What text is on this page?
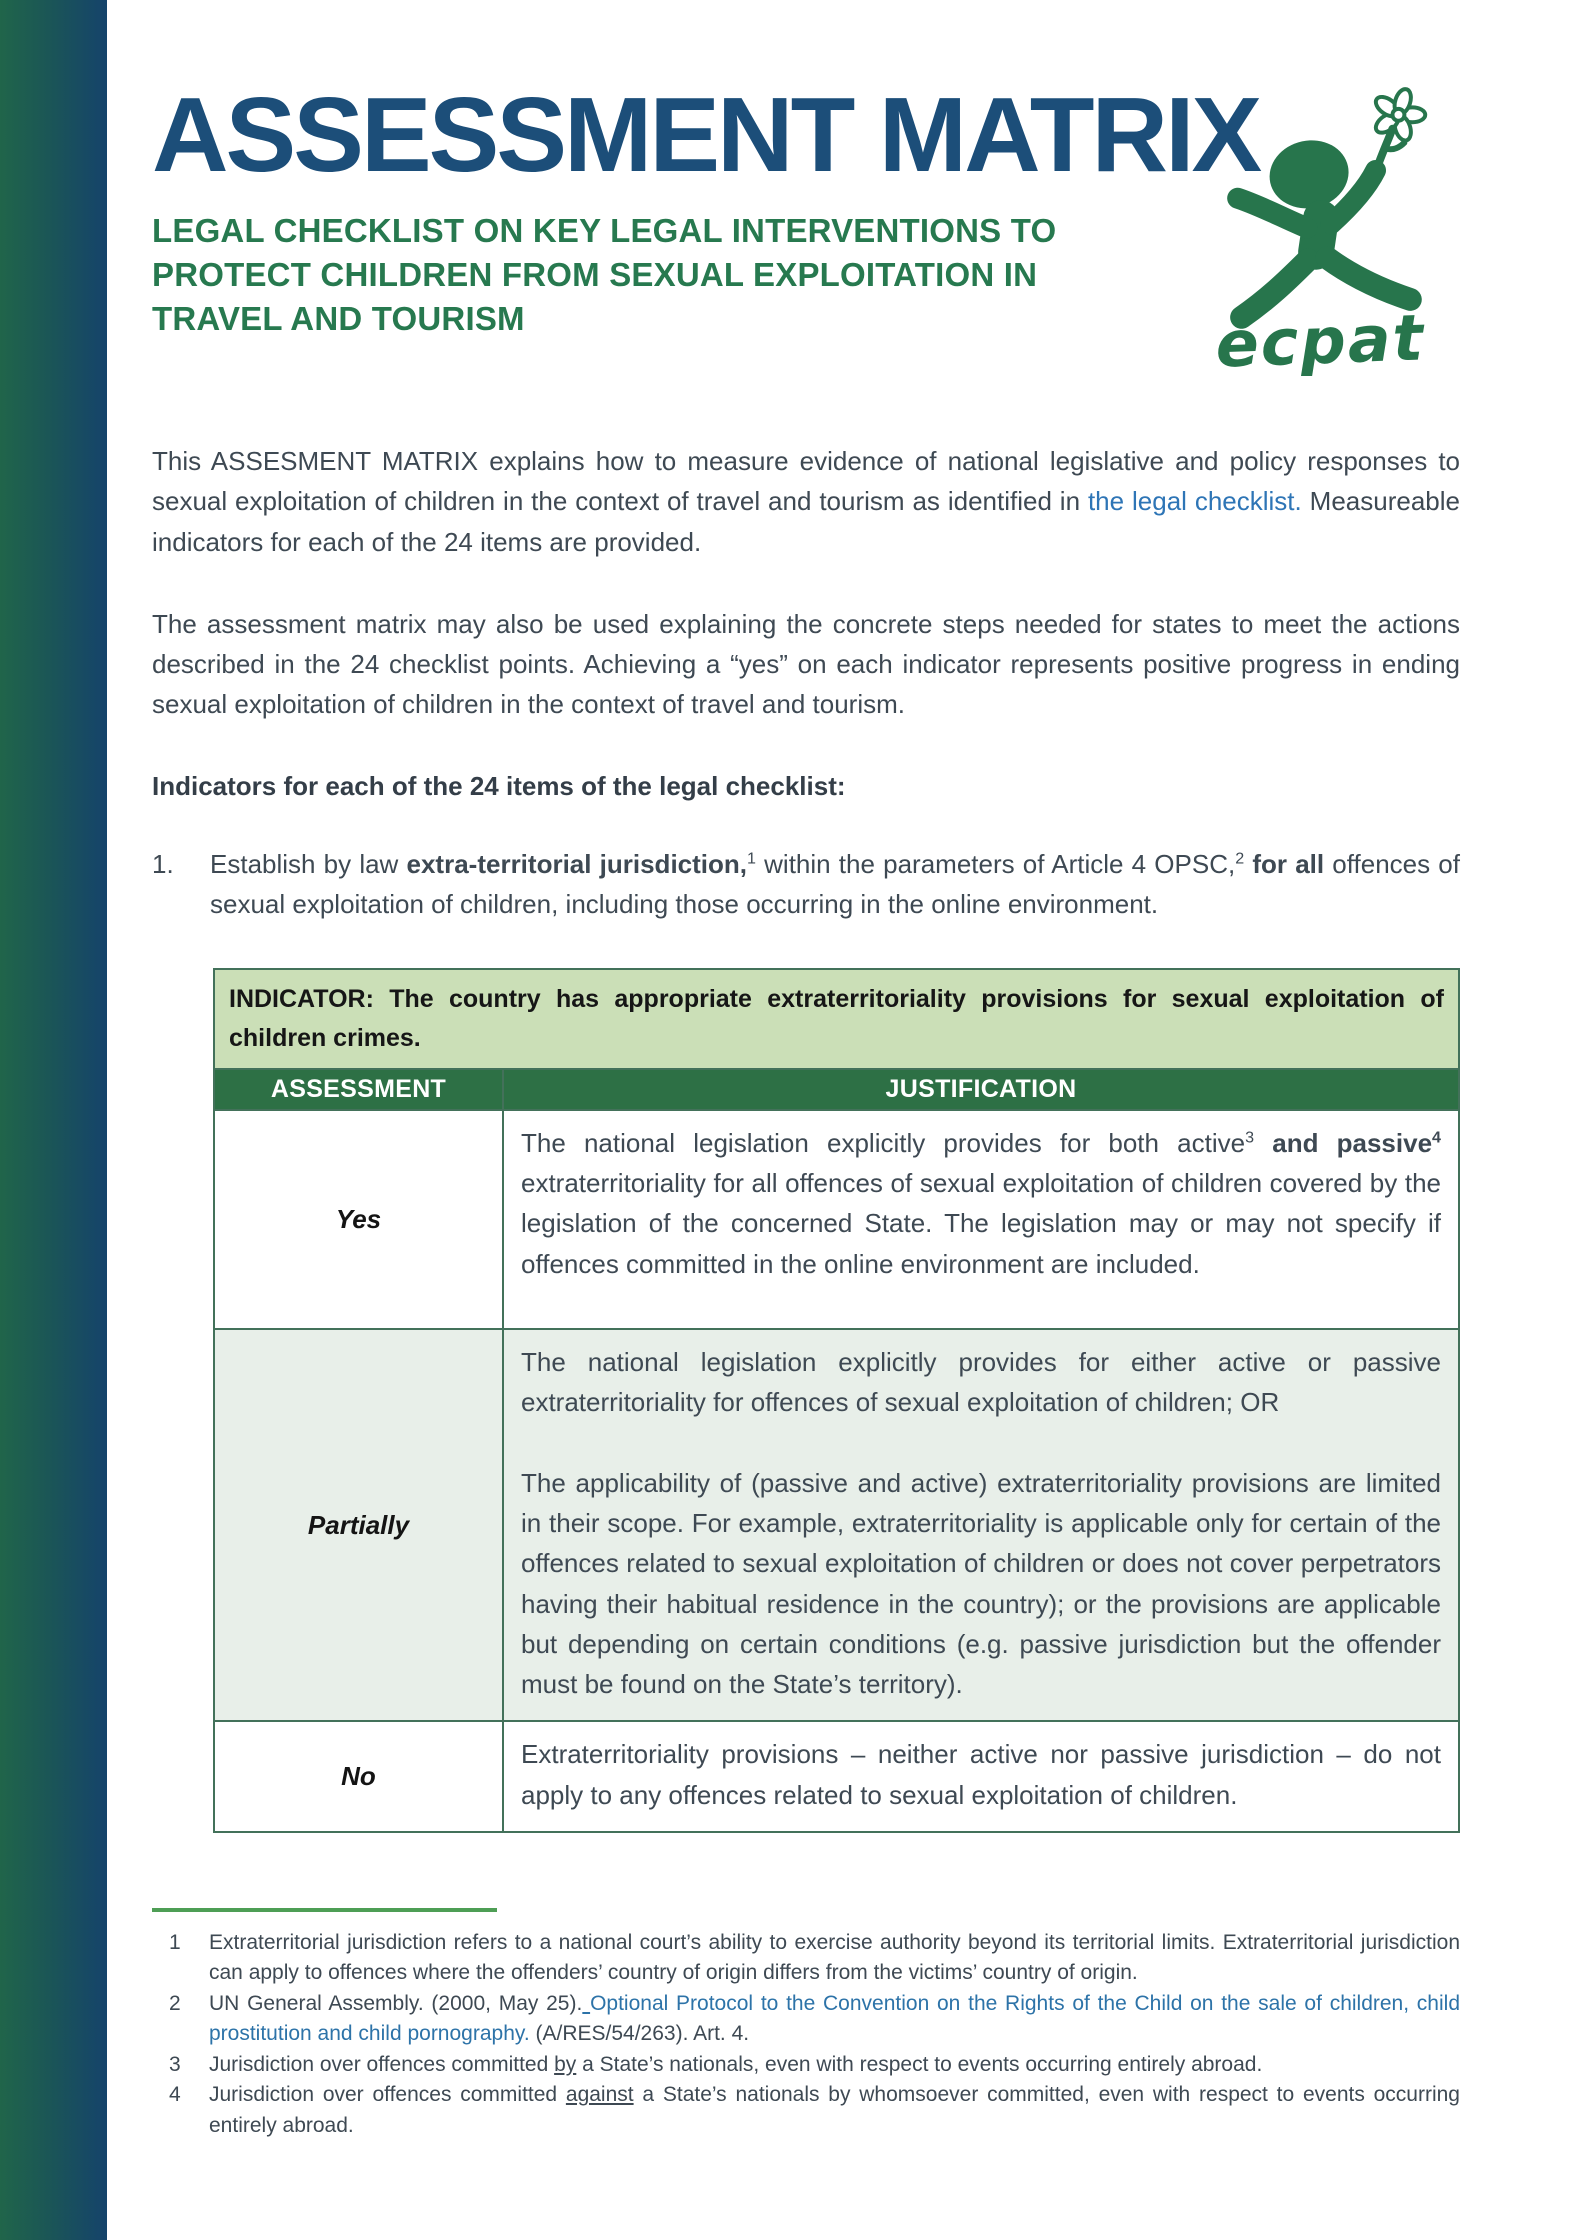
ASSESSMENT MATRIX
LEGAL CHECKLIST ON KEY LEGAL INTERVENTIONS TO
PROTECT CHILDREN FROM SEXUAL EXPLOITATION IN
TRAVEL AND TOURISM	ecpat

This ASSESMENT MATRIX explains how to measure evidence of national legislative and policy responses to sexual exploitation of children in the context of travel and tourism as identified in the legal checklist. Measureable indicators for each of the 24 items are provided.

The assessment matrix may also be used explaining the concrete steps needed for states to meet the actions described in the 24 checklist points. Achieving a “yes” on each indicator represents positive progress in ending sexual exploitation of children in the context of travel and tourism.

Indicators for each of the 24 items of the legal checklist:

1.	Establish by law extra-territorial jurisdiction,$^1$ within the parameters of Article 4 OPSC,$^2$ for all offences of sexual exploitation of children, including those occurring in the online environment.
INDICATOR: The country has appropriate extraterritoriality provisions for sexual exploitation of children crimes.	
ASSESSMENT	JUSTIFICATION
Yes	The national legislation explicitly provides for both active$^3$ and passive$^4$ extraterritoriality for all offences of sexual exploitation of children covered by the legislation of the concerned State. The legislation may or may not specify if offences committed in the online environment are included.
Partially	The national legislation explicitly provides for either active or passive extraterritoriality for offences of sexual exploitation of children; OR

The applicability of (passive and active) extraterritoriality provisions are limited in their scope. For example, extraterritoriality is applicable only for certain of the offences related to sexual exploitation of children or does not cover perpetrators having their habitual residence in the country); or the provisions are applicable but depending on certain conditions (e.g. passive jurisdiction but the offender must be found on the State’s territory).

No	Extraterritoriality provisions – neither active nor passive jurisdiction – do not apply to any offences related to sexual exploitation of children.
1	Extraterritorial jurisdiction refers to a national court’s ability to exercise authority beyond its territorial limits. Extraterritorial jurisdiction can apply to offences where the offenders’ country of origin differs from the victims’ country of origin.
2	UN General Assembly. (2000, May 25). Optional Protocol to the Convention on the Rights of the Child on the sale of children, child prostitution and child pornography. (A/RES/54/263). Art. 4.
3	Jurisdiction over offences committed by a State’s nationals, even with respect to events occurring entirely abroad.
4	Jurisdiction over offences committed against a State’s nationals by whomsoever committed, even with respect to events occurring entirely abroad.
